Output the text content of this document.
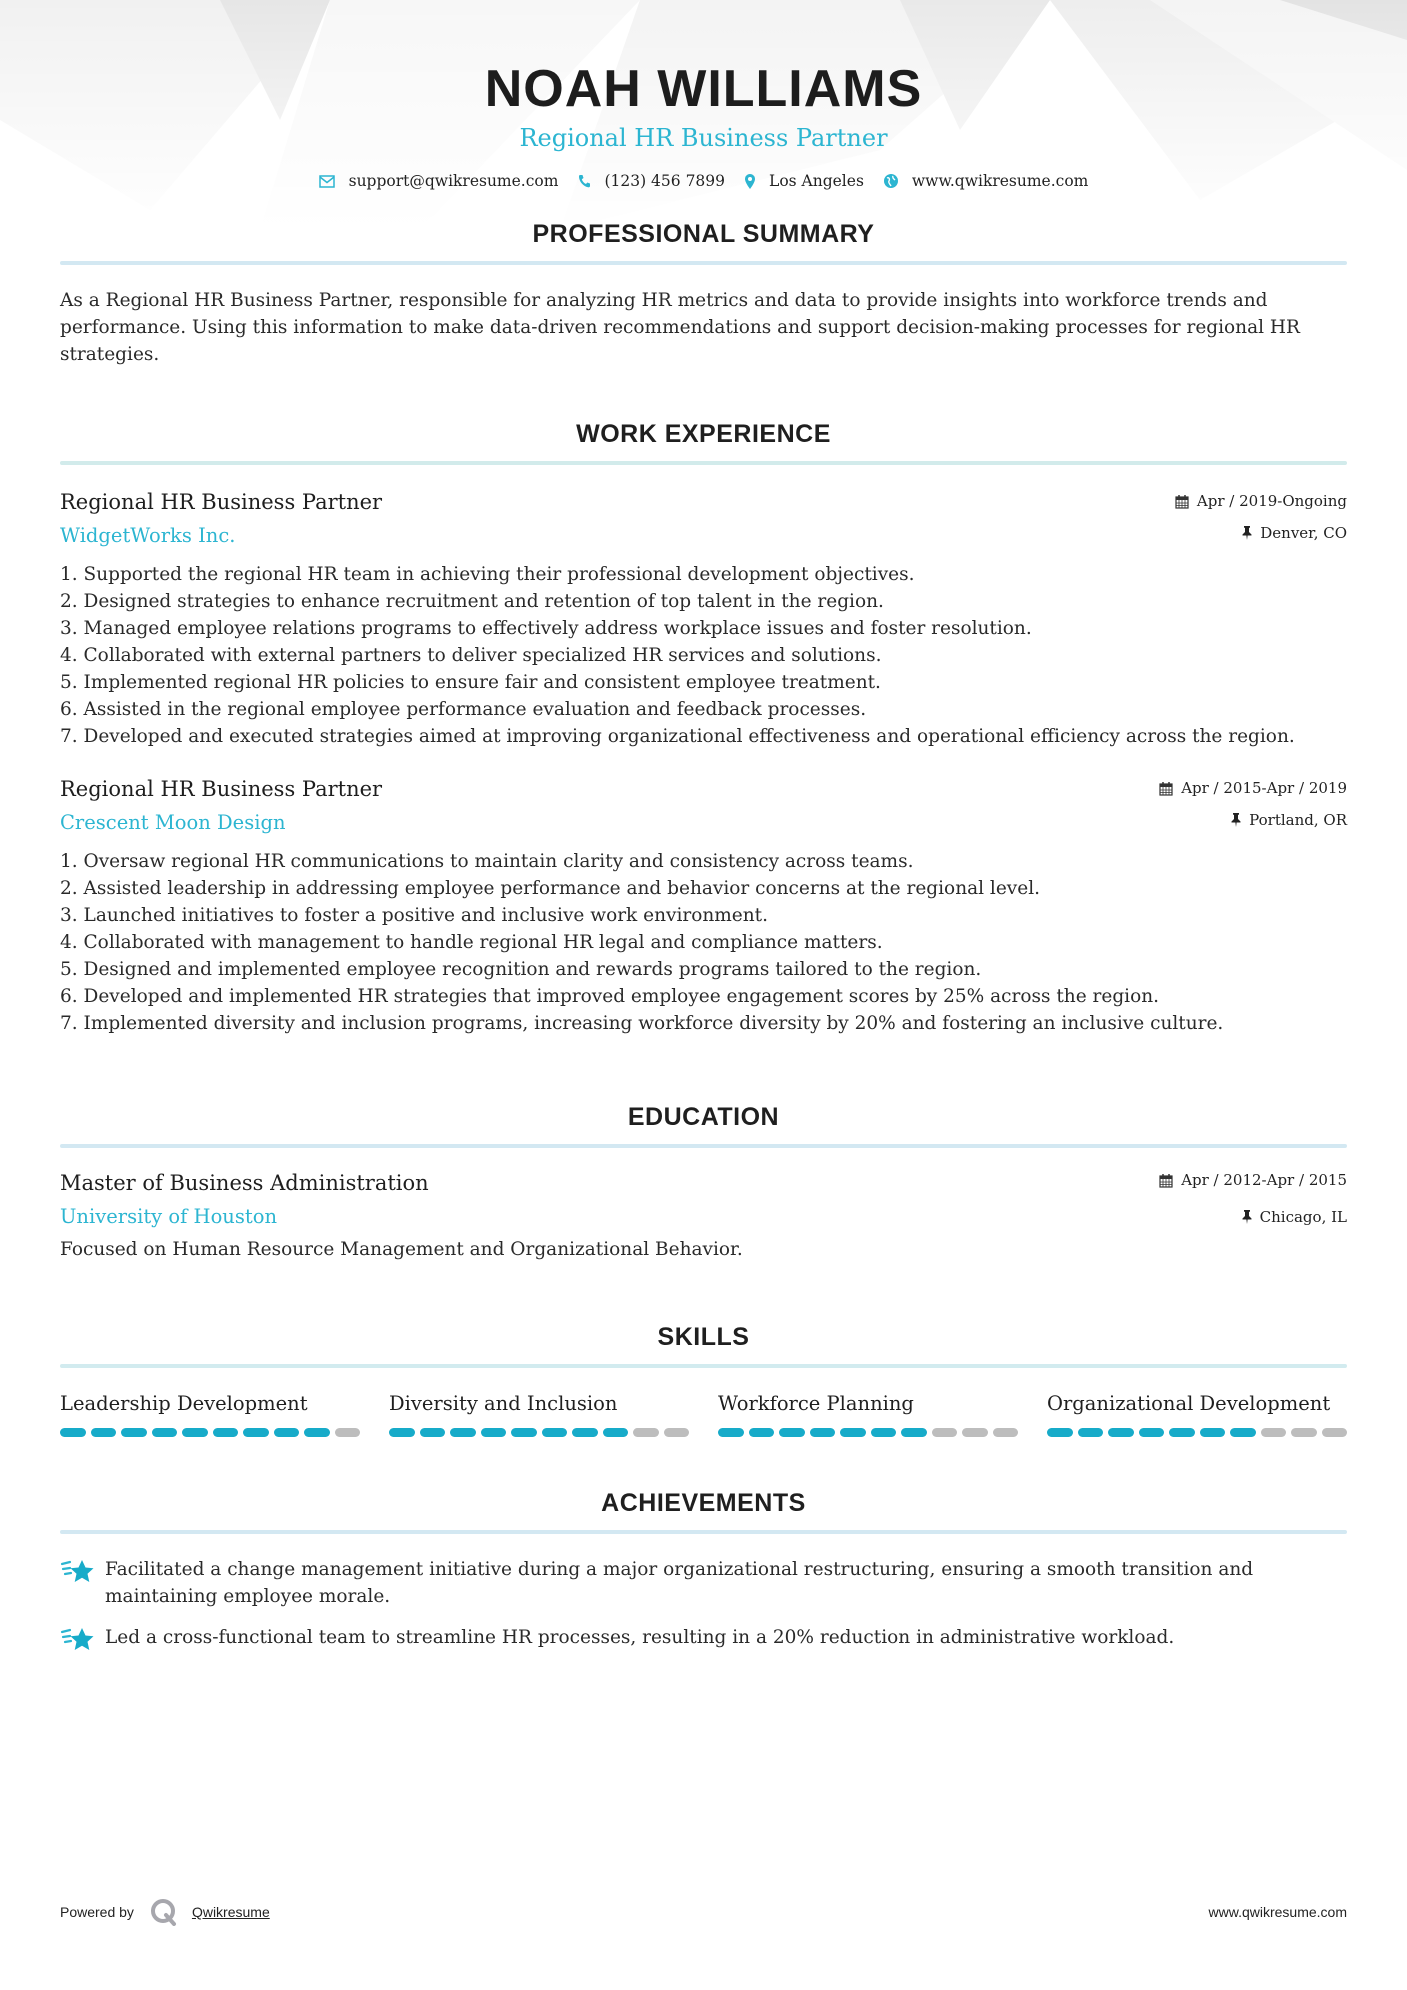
NOAH WILLIAMS
Regional HR Business Partner
support@qwikresume.com	(123) 456 7899	Los Angeles	www.qwikresume.com
PROFESSIONAL SUMMARY

As a Regional HR Business Partner, responsible for analyzing HR metrics and data to provide insights into workforce trends and performance. Using this information to make data-driven recommendations and support decision-making processes for regional HR strategies.

WORK EXPERIENCE
Regional HR Business Partner
WidgetWorks Inc.
Apr / 2019-Ongoing
Denver, CO
1. Supported the regional HR team in achieving their professional development objectives.
2. Designed strategies to enhance recruitment and retention of top talent in the region.
3. Managed employee relations programs to effectively address workplace issues and foster resolution.
4. Collaborated with external partners to deliver specialized HR services and solutions.
5. Implemented regional HR policies to ensure fair and consistent employee treatment.
6. Assisted in the regional employee performance evaluation and feedback processes.
7. Developed and executed strategies aimed at improving organizational effectiveness and operational efficiency across the region.
Regional HR Business Partner
Crescent Moon Design
Apr / 2015-Apr / 2019
Portland, OR
1. Oversaw regional HR communications to maintain clarity and consistency across teams.
2. Assisted leadership in addressing employee performance and behavior concerns at the regional level.
3. Launched initiatives to foster a positive and inclusive work environment.
4. Collaborated with management to handle regional HR legal and compliance matters.
5. Designed and implemented employee recognition and rewards programs tailored to the region.
6. Developed and implemented HR strategies that improved employee engagement scores by 25% across the region.
7. Implemented diversity and inclusion programs, increasing workforce diversity by 20% and fostering an inclusive culture.
EDUCATION
Master of Business Administration
University of Houston
Apr / 2012-Apr / 2015
Chicago, IL

Focused on Human Resource Management and Organizational Behavior.

SKILLS
Leadership Development	Diversity and Inclusion	Workforce Planning	Organizational Development
ACHIEVEMENTS
Facilitated a change management initiative during a major organizational restructuring, ensuring a smooth transition and maintaining employee morale.
Led a cross-functional team to streamline HR processes, resulting in a 20% reduction in administrative workload.
Powered by	Qwikresume	www.qwikresume.com
